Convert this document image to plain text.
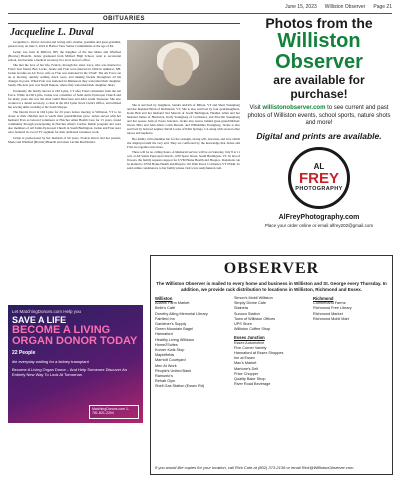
June 15, 2023 Williston Observer Page 21
OBITUARIES
Jacqueline L. Duval

Jacqueline L. Duval, devoted and loving wife, mother, grandma and great-grandma, passed away on June 5, 2023 at Harbor View Senior Communities at the age of 84.

Jackie was born in Milford, NH, the daughter of the late Marie and Winifred (Bowler) Bianchi. Jackie graduated from Milford High School, went to secretarial school, and became a medical secretary in a local doctor's office.

She met the love of her life, Francis, through her sister Lucy, who was married to Fran's best friend, Bob Locke. Jackie and Fran were married in 1960 in Amherst, NH. Jackie became an Air Force wife as Fran was stationed in the USAF. The Air Force set up at moving, quickly settling down roots, and making friends throughout all his changes in posts. When Fran was stationed in Minnesota they welcomed their daughter, Sandy. His next post was North Dakota, where they welcomed their daughter, Shari.

Eventually the family moved to Old Lyme, CT after Fran's retirement from the Air Force. While in Old Lyme, Jackie was a member of Saint Ann's Episcopal Church and for many years she was the Altar Guild Directress and Altar Guild Treasurer. She also worked at a dental secretary, a clerk in the Old Lyme Town Clerk's Office, and utilized her sewing skills working at the Seam Shoppe.

The Duvals lived in Old Lyme for 29 years before moving to Williston, VT to be closer to their children and to watch their grandchildren grow. Jackie served with her husband Fran as beloved volunteers at Fletcher Allen Health Care for 15 years, found community through participating in Fletcher Allen's Cardiac Rehab program and were also members of All Saints Episcopal Church in South Burlington. Jackie and Fran were once featured in a local TV segment for their dedicated volunteer work.

Jackie is predeceased by her husband of 66 years, Francis Duval and her parents, Marie and Winifred (Bowler) Bianchi and sister Lucille MacDonald.

She is survived by daughters, Sandra Aldrich of Milton, VT and Sheri Youngberg and her husband Brian of Richmond, VT. She is also survived by four granddaughters, Katie Bell and her husband Tad Moretti of South Burlington, Heather Allen and her husband James of Hardwick, Kelly Youngberg of Colchester, and Priscilla Youngberg and her spouse Sam of Essex Junction. Jackie also leaves behind great-grandchildren: Owen, Milo and John Allen, Colin Moretti, and Wilhelmina Youngberg. Jackie is also survived by beloved nephew David Locke of Palm Springs, CA along with several other nieces and nephews.

Her family will remember her for her strength, strong will, devotion, and love which she displayed until the very end. They are comforted by the knowledge that Jackie and Fran are together once more.

There will be no calling hours. A Memorial service will be on Saturday, July 8 at 11 a.m. at All Saints Episcopal Church, 1250 Spear Street, South Burlington, VT. In lieu of flowers, the family requests support for UVM Home Health and Hospice. Donations can be mailed to UVM Home Health and Hospice 110 Prim Road, Colchester, VT 05446. To send online condolences to her family please visit www.readyfuneral.com.

Let MatchingDonors.com Help you
SAVE A LIFE
BECOME A LIVING ORGAN DONOR TODAY
22 People
die everyday waiting for a kidney transplant
Become A Living Organ Donor... And Help Someone Discover An Entirely New Way To Look At Tomorrow.
MatchingDonors.com 1-781-821-2204
Photos from the
Williston Observer
are available for purchase!
Visit willistonobserver.com to see current and past photos of Williston events, school sports, nature shots and more!
Digital and prints are available.
AL
FREY
PHOTOGRAPHY
AlFreyPhotography.com
Place your order online or email alfrey202@gmail.com
OBSERVER
The Williston Observer is mailed to every home and business in Williston and St. George every Thursday. In addition, we provide rack distribution to locations in Williston, Richmond and Essex.
Williston
Adams Farm Market
Belle's Café
Dorothy Alling Memorial Library
Fairfield Inn
Gardener's Supply
Green Mountain Bagel
Hannaford
Healthy Living Williston
Home2Suites
Korner Kwik Stop
Maplefields
Marriott Courtyard
Men At Work
People's United Bank
Ramunto's
Rehab Gym
Shell Gas Station (Essex Rd)
Simon's Mobil Williston
Simply Divine Cafe
Staineta
Sunoco Station
Town of Williston Offices
UPS Store
Williston Coffee Shop
Essex Junction
Essex Automotive
Five Corner Variety
Hannaford at Essex Shoppes
Inn at Essex
Mac's Market
Martone's Deli
Price Chopper
Quality Bake Shop
River Road Beverage
Richmond
Cumberland Farms
Richmond Free Library
Richmond Market
Richmond Mobil Mart
If you would like copies for your location, call Rick Cote at (802) 373-2136 or email Rick@WillistonObserver.com
